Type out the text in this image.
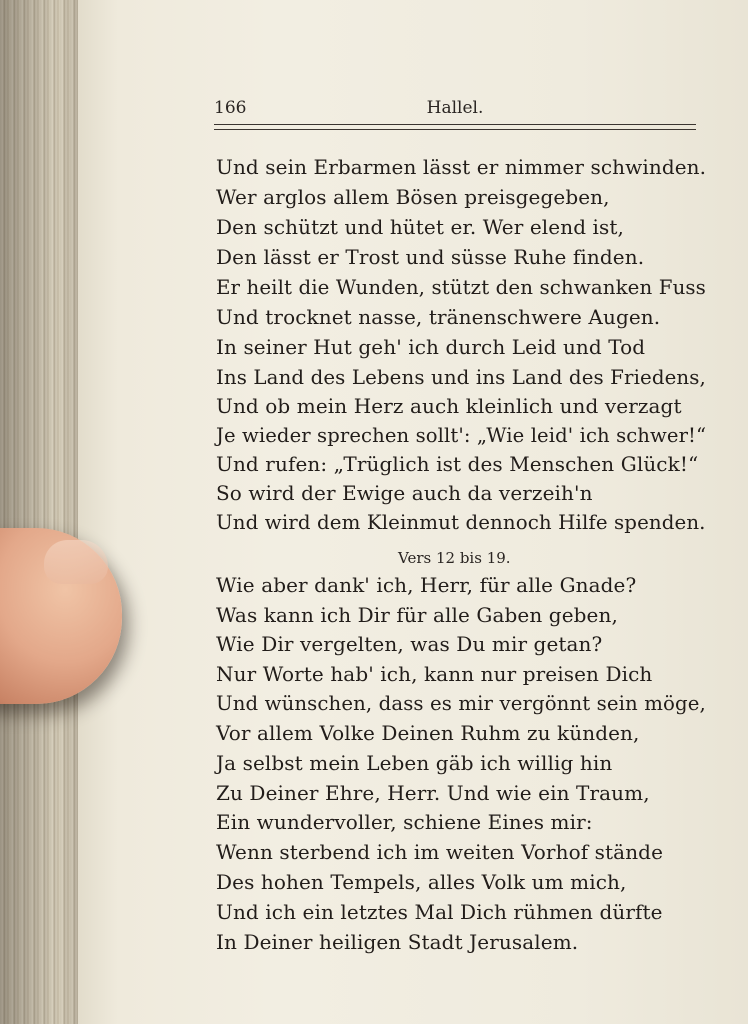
166	Hallel.
Und sein Erbarmen lässt er nimmer schwinden.
Wer arglos allem Bösen preisgegeben,
Den schützt und hütet er. Wer elend ist,
Den lässt er Trost und süsse Ruhe finden.
Er heilt die Wunden, stützt den schwanken Fuss
Und trocknet nasse, tränenschwere Augen.
In seiner Hut geh' ich durch Leid und Tod
Ins Land des Lebens und ins Land des Friedens,
Und ob mein Herz auch kleinlich und verzagt
Je wieder sprechen sollt': „Wie leid' ich schwer!“
Und rufen: „Trüglich ist des Menschen Glück!“
So wird der Ewige auch da verzeih'n
Und wird dem Kleinmut dennoch Hilfe spenden.
Vers 12 bis 19.
Wie aber dank' ich, Herr, für alle Gnade?
Was kann ich Dir für alle Gaben geben,
Wie Dir vergelten, was Du mir getan?
Nur Worte hab' ich, kann nur preisen Dich
Und wünschen, dass es mir vergönnt sein möge,
Vor allem Volke Deinen Ruhm zu künden,
Ja selbst mein Leben gäb ich willig hin
Zu Deiner Ehre, Herr. Und wie ein Traum,
Ein wundervoller, schiene Eines mir:
Wenn sterbend ich im weiten Vorhof stände
Des hohen Tempels, alles Volk um mich,
Und ich ein letztes Mal Dich rühmen dürfte
In Deiner heiligen Stadt Jerusalem.
